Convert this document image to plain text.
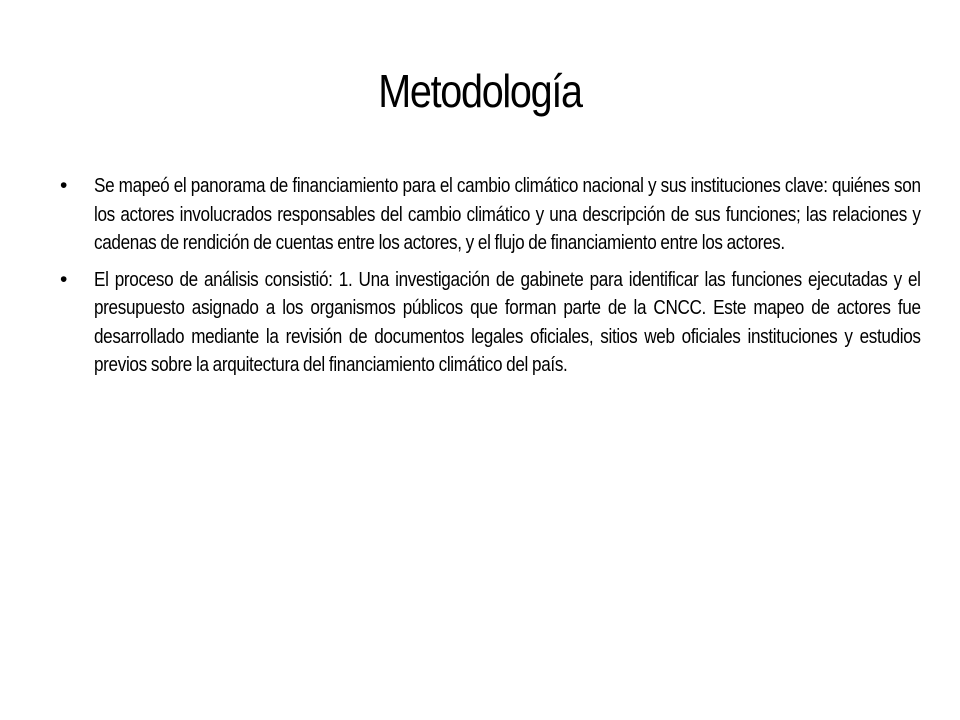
Metodología
• Se mapeó el panorama de financiamiento para el cambio climático nacional y sus instituciones clave: quiénes son los actores involucrados responsables del cambio climático y una descripción de sus funciones; las relaciones y cadenas de rendición de cuentas entre los actores, y el flujo de financiamiento entre los actores.
• El proceso de análisis consistió: 1. Una investigación de gabinete para identificar las funciones ejecutadas y el presupuesto asignado a los organismos públicos que forman parte de la CNCC. Este mapeo de actores fue desarrollado mediante la revisión de documentos legales oficiales, sitios web oficiales instituciones y estudios previos sobre la arquitectura del financiamiento climático del país.
